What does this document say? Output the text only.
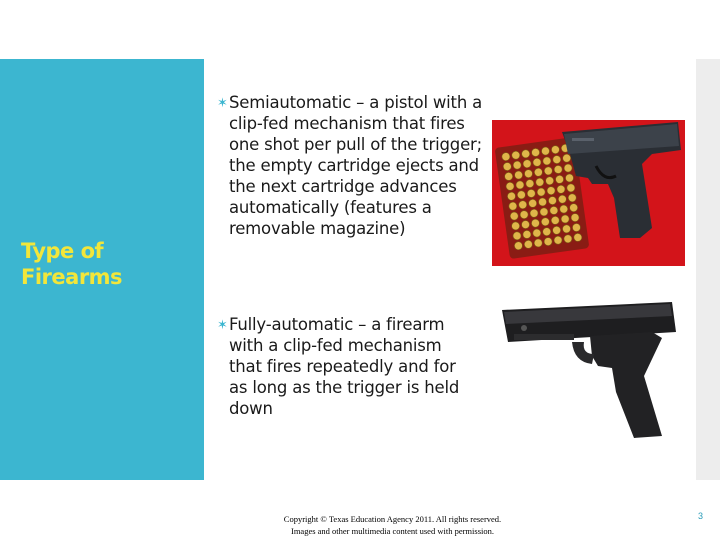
Type of
Firearms
✶ Semiautomatic – a pistol with a clip-fed mechanism that fires one shot per pull of the trigger; the empty cartridge ejects and the next cartridge advances automatically (features a removable magazine)
✶ Fully-automatic – a firearm with a clip-fed mechanism that fires repeatedly and for as long as the trigger is held down
Copyright © Texas Education Agency 2011. All rights reserved.
Images and other multimedia content used with permission.
3
